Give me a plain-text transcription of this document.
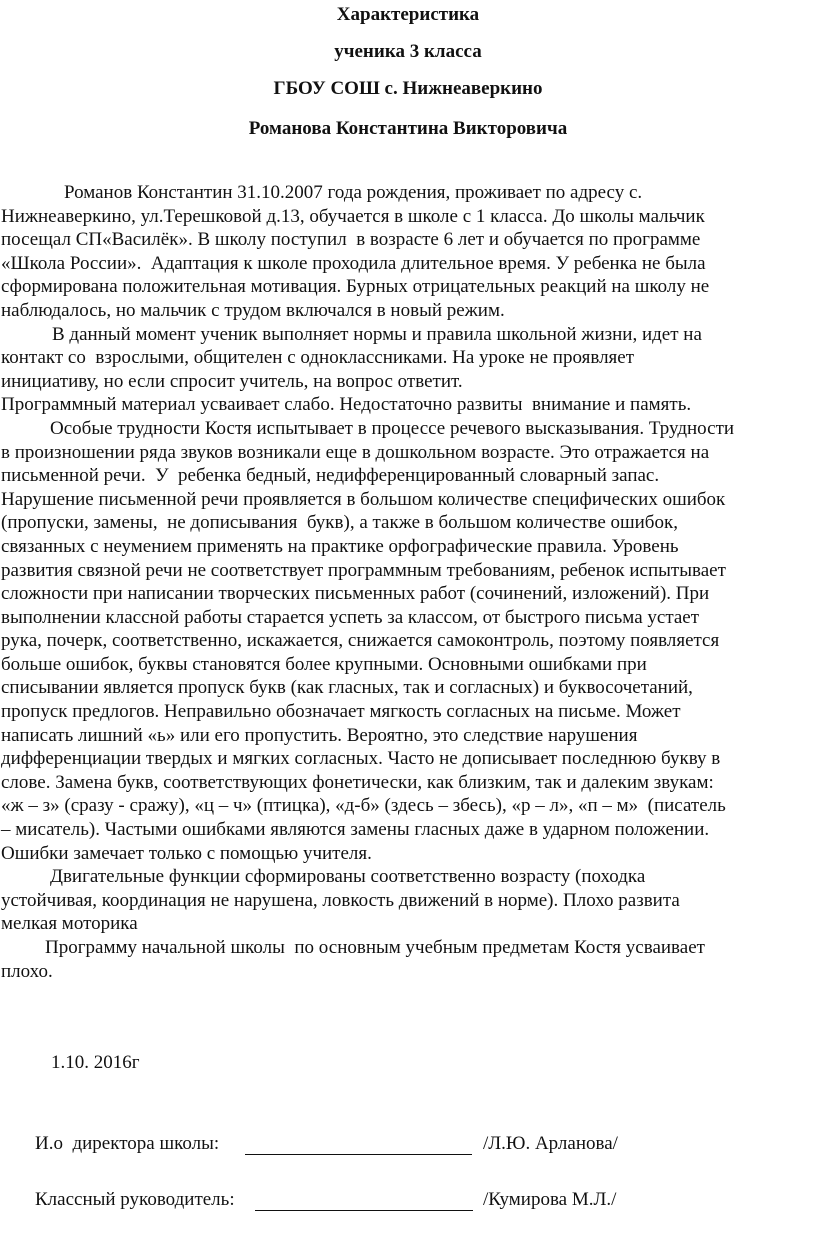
Характеристика
ученика 3 класса
ГБОУ СОШ с. Нижнеаверкино
Романова Константина Викторовича
Романов Константин 31.10.2007 года рождения, проживает по адресу с.
Нижнеаверкино, ул.Терешковой д.13, обучается в школе с 1 класса. До школы мальчик
посещал СП«Василёк». В школу поступил  в возрасте 6 лет и обучается по программе
«Школа России».  Адаптация к школе проходила длительное время. У ребенка не была
сформирована положительная мотивация. Бурных отрицательных реакций на школу не
наблюдалось, но мальчик с трудом включался в новый режим.
В данный момент ученик выполняет нормы и правила школьной жизни, идет на
контакт со  взрослыми, общителен с одноклассниками. На уроке не проявляет
инициативу, но если спросит учитель, на вопрос ответит.
Программный материал усваивает слабо. Недостаточно развиты  внимание и память.
Особые трудности Костя испытывает в процессе речевого высказывания. Трудности
в произношении ряда звуков возникали еще в дошкольном возрасте. Это отражается на
письменной речи.  У  ребенка бедный, недифференцированный словарный запас.
Нарушение письменной речи проявляется в большом количестве специфических ошибок
(пропуски, замены,  не дописывания  букв), а также в большом количестве ошибок,
связанных с неумением применять на практике орфографические правила. Уровень
развития связной речи не соответствует программным требованиям, ребенок испытывает
сложности при написании творческих письменных работ (сочинений, изложений). При
выполнении классной работы старается успеть за классом, от быстрого письма устает
рука, почерк, соответственно, искажается, снижается самоконтроль, поэтому появляется
больше ошибок, буквы становятся более крупными. Основными ошибками при
списывании является пропуск букв (как гласных, так и согласных) и буквосочетаний,
пропуск предлогов. Неправильно обозначает мягкость согласных на письме. Может
написать лишний «ь» или его пропустить. Вероятно, это следствие нарушения
дифференциации твердых и мягких согласных. Часто не дописывает последнюю букву в
слове. Замена букв, соответствующих фонетически, как близким, так и далеким звукам:
«ж – з» (сразу - сражу), «ц – ч» (птицка), «д-б» (здесь – збесь), «р – л», «п – м»  (писатель
– мисатель). Частыми ошибками являются замены гласных даже в ударном положении.
Ошибки замечает только с помощью учителя.
Двигательные функции сформированы соответственно возрасту (походка
устойчивая, координация не нарушена, ловкость движений в норме). Плохо развита
мелкая моторика
Программу начальной школы  по основным учебным предметам Костя усваивает
плохо.
1.10. 2016г
И.о  директора школы:	/Л.Ю. Арланова/
Классный руководитель:	/Кумирова М.Л./
